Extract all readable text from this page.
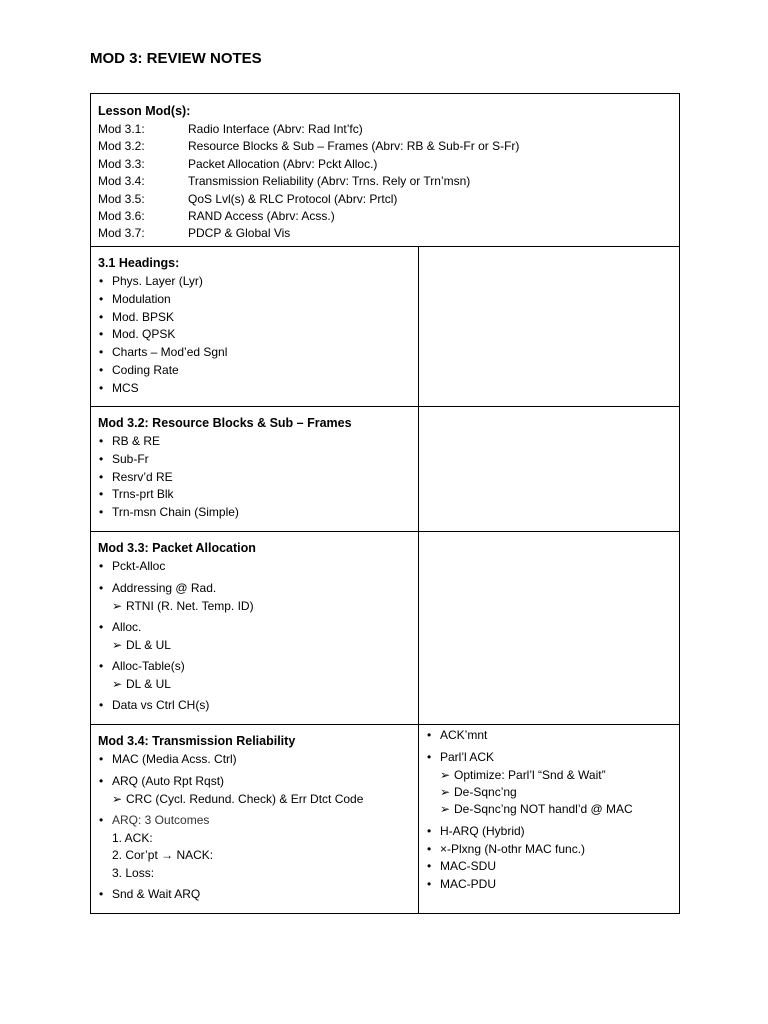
MOD 3: REVIEW NOTES
Lesson Mod(s):
Mod 3.1:	Radio Interface (Abrv: Rad Int’fc)
Mod 3.2:	Resource Blocks & Sub – Frames (Abrv: RB & Sub-Fr or S-Fr)
Mod 3.3:	Packet Allocation (Abrv: Pckt Alloc.)
Mod 3.4:	Transmission Reliability (Abrv: Trns. Rely or Trn’msn)
Mod 3.5:	QoS Lvl(s) & RLC Protocol (Abrv: Prtcl)
Mod 3.6:	RAND Access (Abrv: Acss.)
Mod 3.7:	PDCP & Global Vis
3.1 Headings:
• Phys. Layer (Lyr)
• Modulation
• Mod. BPSK
• Mod. QPSK
• Charts – Mod’ed Sgnl
• Coding Rate
• MCS
Mod 3.2: Resource Blocks & Sub – Frames
• RB & RE
• Sub-Fr
• Resrv’d RE
• Trns-prt Blk
• Trn-msn Chain (Simple)
Mod 3.3: Packet Allocation
• Pckt-Alloc
• Addressing @ Rad.
➢ RTNI (R. Net. Temp. ID)
• Alloc.
➢ DL & UL
• Alloc-Table(s)
➢ DL & UL
• Data vs Ctrl CH(s)
Mod 3.4: Transmission Reliability
• MAC (Media Acss. Ctrl)
• ARQ (Auto Rpt Rqst)
➢ CRC (Cycl. Redund. Check) & Err Dtct Code
• ARQ: 3 Outcomes
1. ACK:
2. Cor’pt → NACK:
3. Loss:
• Snd & Wait ARQ
• ACK’mnt
• Parl’l ACK
➢ Optimize: Parl’l “Snd & Wait”
➢ De-Sqnc’ng
➢ De-Sqnc’ng NOT handl’d @ MAC
• H-ARQ (Hybrid)
• ×-Plxng (N-othr MAC func.)
• MAC-SDU
• MAC-PDU
